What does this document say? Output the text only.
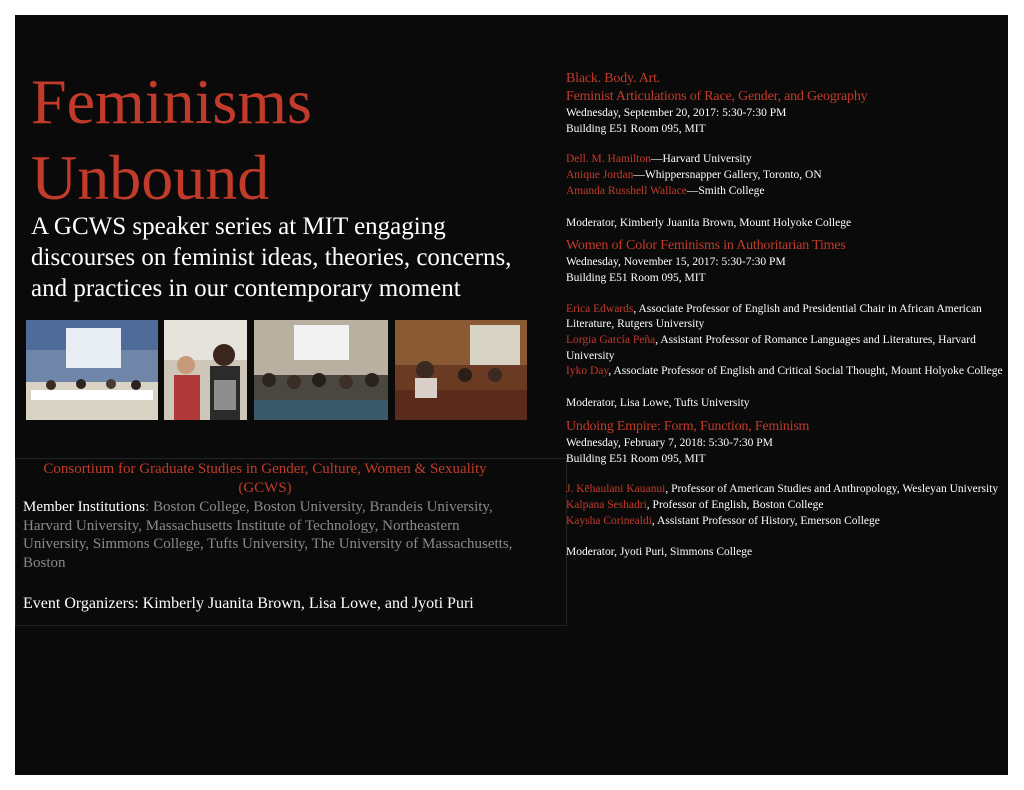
Feminisms
Unbound

A GCWS speaker series at MIT engaging discourses on feminist ideas, theories, concerns, and practices in our contemporary moment

Consortium for Graduate Studies in Gender, Culture, Women & Sexuality
(GCWS)
Member Institutions: Boston College, Boston University, Brandeis University, Harvard University, Massachusetts Institute of Technology, Northeastern University, Simmons College, Tufts University, The University of Massachusetts, Boston
Event Organizers: Kimberly Juanita Brown, Lisa Lowe, and Jyoti Puri
Black. Body. Art.
Feminist Articulations of Race, Gender, and Geography

Wednesday, September 20, 2017: 5:30-7:30 PM

Building E51 Room 095, MIT

Dell. M. Hamilton—Harvard University

Anique Jordan—Whippersnapper Gallery, Toronto, ON

Amanda Russhell Wallace—Smith College

Moderator, Kimberly Juanita Brown, Mount Holyoke College

Women of Color Feminisms in Authoritarian Times

Wednesday, November 15, 2017: 5:30-7:30 PM

Building E51 Room 095, MIT

Erica Edwards, Associate Professor of English and Presidential Chair in African American Literature, Rutgers University

Lorgia García Peña, Assistant Professor of Romance Languages and Literatures, Harvard University

Iyko Day, Associate Professor of English and Critical Social Thought, Mount Holyoke College

Moderator, Lisa Lowe, Tufts University

Undoing Empire: Form, Function, Feminism

Wednesday, February 7, 2018: 5:30-7:30 PM

Building E51 Room 095, MIT

J. Kēhaulani Kauanui, Professor of American Studies and Anthropology, Wesleyan University

Kalpana Seshadri, Professor of English, Boston College

Kaysha Corinealdi, Assistant Professor of History, Emerson College

Moderator, Jyoti Puri, Simmons College
